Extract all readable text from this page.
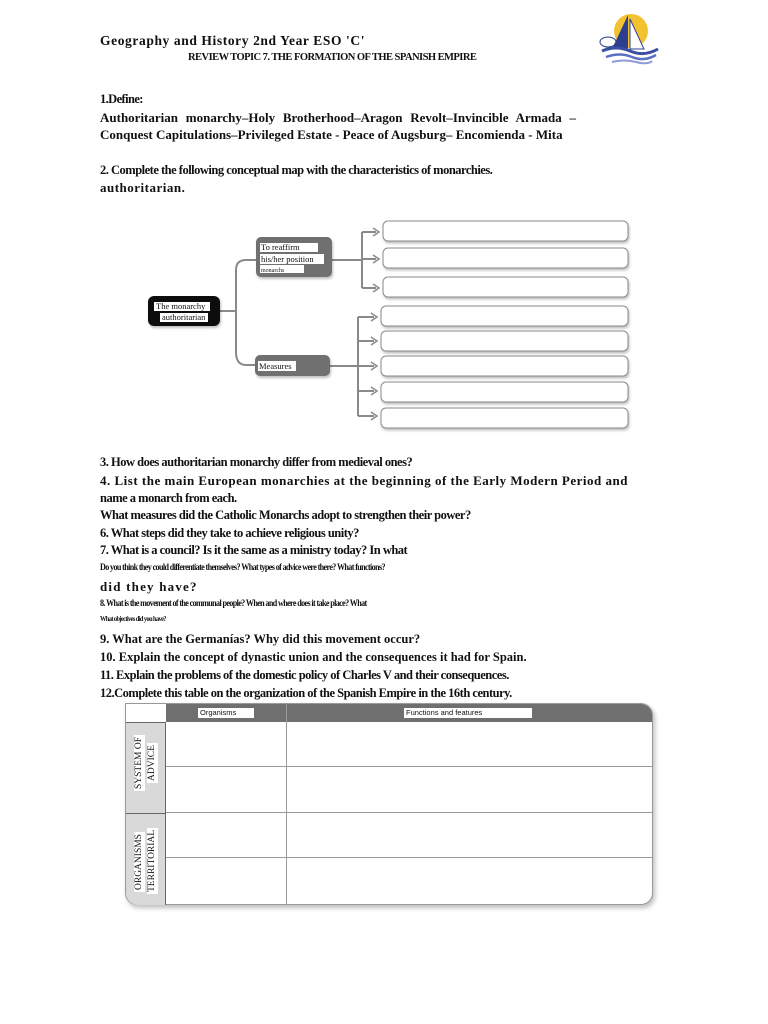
Geography and History 2nd Year ESO 'C'
REVIEW TOPIC 7. THE FORMATION OF THE SPANISH EMPIRE
1.Define:
Authoritarian monarchy–Holy Brotherhood–Aragon Revolt–Invincible Armada –Conquest Capitulations–Privileged Estate - Peace of Augsburg– Encomienda - Mita
2. Complete the following conceptual map with the characteristics of monarchies.
authoritarian.
The monarchy
authoritarian
To reaffirm
his/her position
monarchs
Measures
3. How does authoritarian monarchy differ from medieval ones?
4. List the main European monarchies at the beginning of the Early Modern Period and
name a monarch from each.
What measures did the Catholic Monarchs adopt to strengthen their power?
6. What steps did they take to achieve religious unity?
7. What is a council? Is it the same as a ministry today? In what
Do you think they could differentiate themselves? What types of advice were there? What functions?
did they have?
8. What is the movement of the communal people? When and where does it take place? What
What objectives did you have?
9. What are the Germanías? Why did this movement occur?
10. Explain the concept of dynastic union and the consequences it had for Spain.
11. Explain the problems of the domestic policy of Charles V and their consequences.
12.Complete this table on the organization of the Spanish Empire in the 16th century.
Organisms	Functions and features
SYSTEM OF ADVICE
ORGANISMS TERRITORIAL
